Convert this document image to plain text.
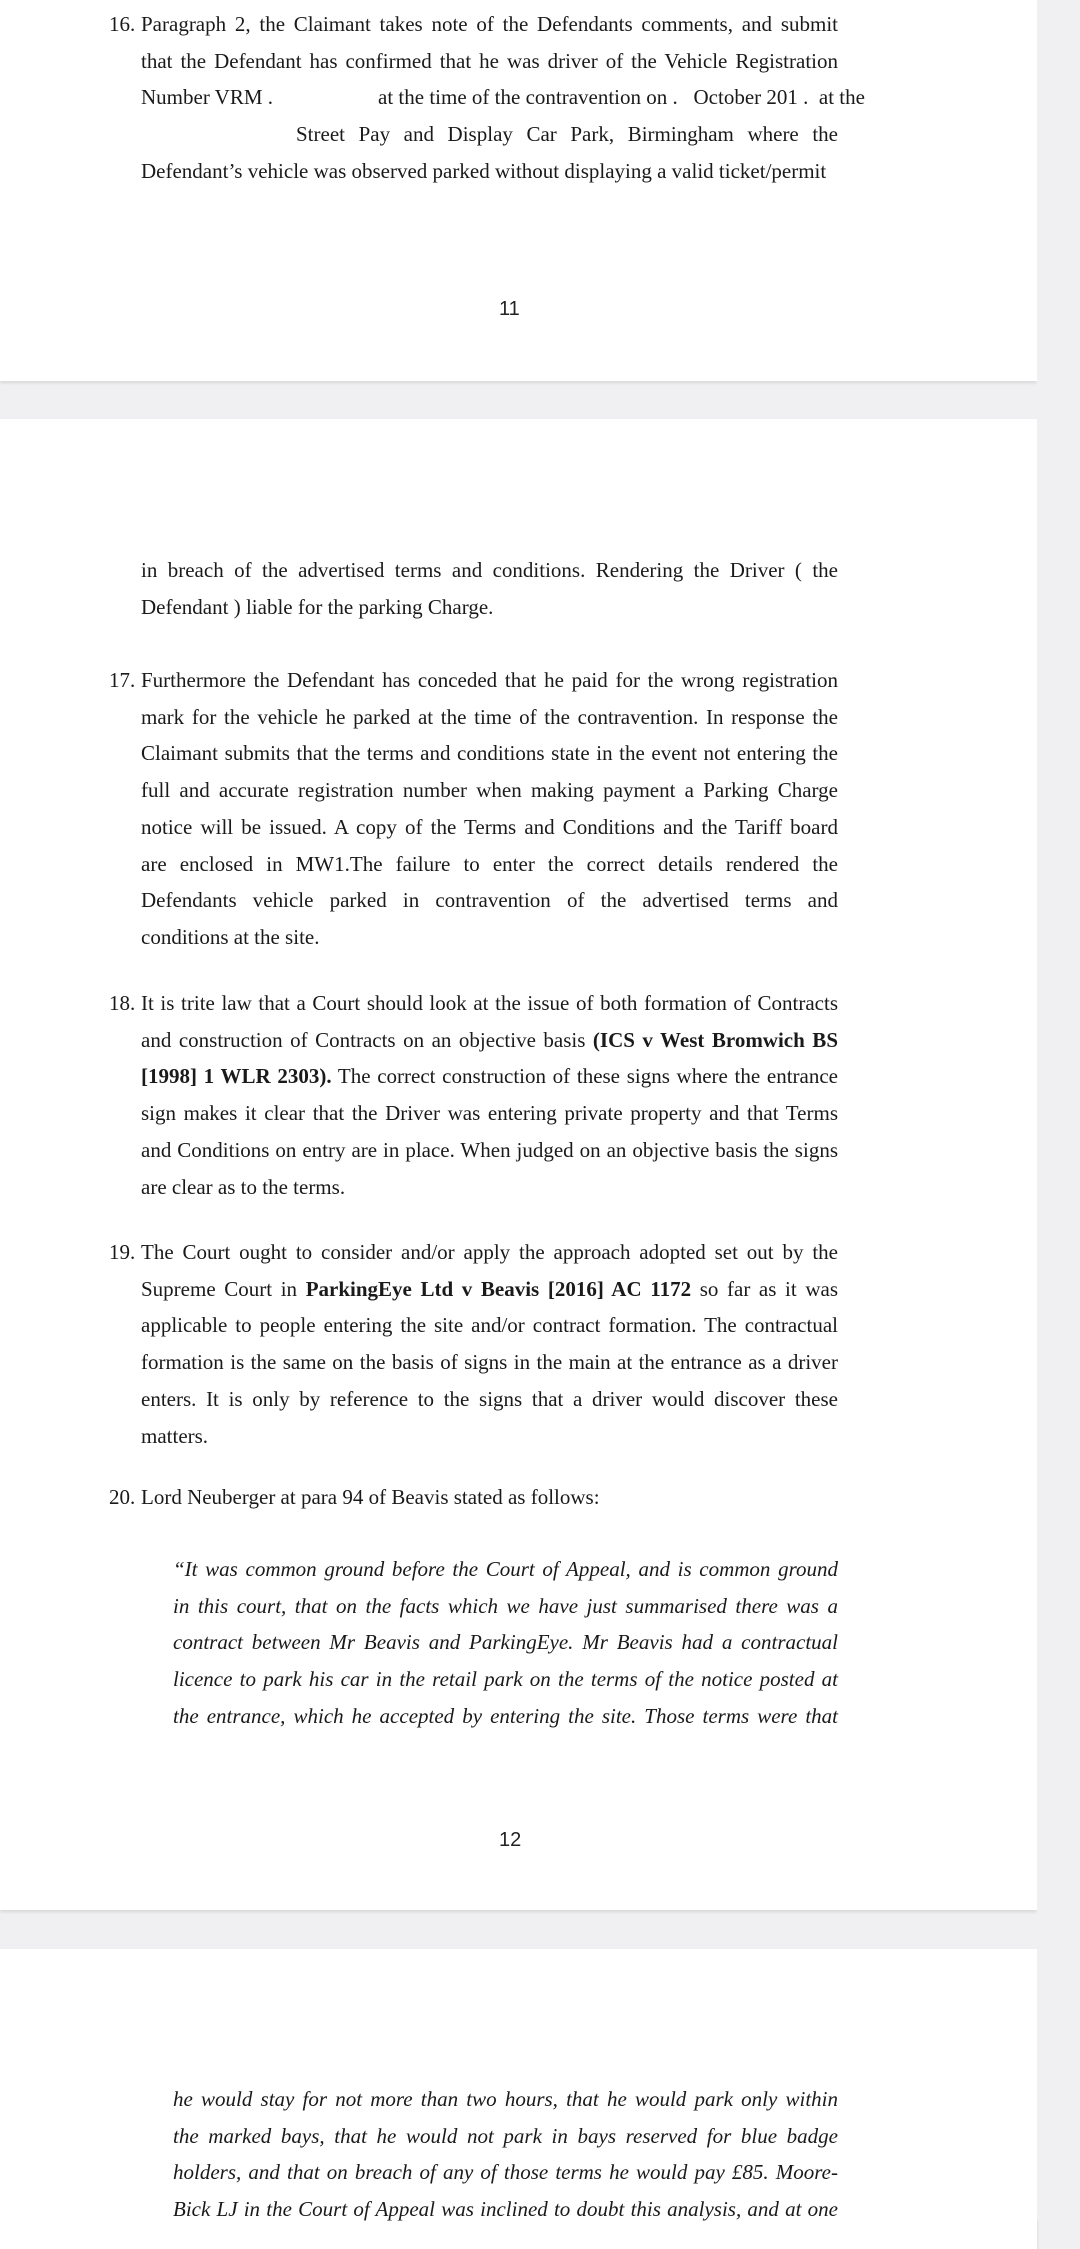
16. Paragraph 2, the Claimant takes note of the Defendants comments, and submit
that the Defendant has confirmed that he was driver of the Vehicle Registration
Number VRM .                    at the time of the contravention on .   October 201 .  at the
Street Pay and Display Car Park, Birmingham where the
Defendant’s vehicle was observed parked without displaying a valid ticket/permit
11
in breach of the advertised terms and conditions. Rendering the Driver ( the
Defendant ) liable for the parking Charge.
17. Furthermore the Defendant has conceded that he paid for the wrong registration
mark for the vehicle he parked at the time of the contravention. In response the
Claimant submits that the terms and conditions state in the event not entering the
full and accurate registration number when making payment a Parking Charge
notice will be issued. A copy of the Terms and Conditions and the Tariff board
are enclosed in MW1.The failure to enter the correct details rendered the
Defendants vehicle parked in contravention of the advertised terms and
conditions at the site.
18. It is trite law that a Court should look at the issue of both formation of Contracts
and construction of Contracts on an objective basis (ICS v West Bromwich BS
[1998] 1 WLR 2303). The correct construction of these signs where the entrance
sign makes it clear that the Driver was entering private property and that Terms
and Conditions on entry are in place. When judged on an objective basis the signs
are clear as to the terms.
19. The Court ought to consider and/or apply the approach adopted set out by the
Supreme Court in ParkingEye Ltd v Beavis [2016] AC 1172 so far as it was
applicable to people entering the site and/or contract formation. The contractual
formation is the same on the basis of signs in the main at the entrance as a driver
enters. It is only by reference to the signs that a driver would discover these
matters.
20. Lord Neuberger at para 94 of Beavis stated as follows:
“It was common ground before the Court of Appeal, and is common ground
in this court, that on the facts which we have just summarised there was a
contract between Mr Beavis and ParkingEye. Mr Beavis had a contractual
licence to park his car in the retail park on the terms of the notice posted at
the entrance, which he accepted by entering the site. Those terms were that
12
he would stay for not more than two hours, that he would park only within
the marked bays, that he would not park in bays reserved for blue badge
holders, and that on breach of any of those terms he would pay £85. Moore-
Bick LJ in the Court of Appeal was inclined to doubt this analysis, and at one
